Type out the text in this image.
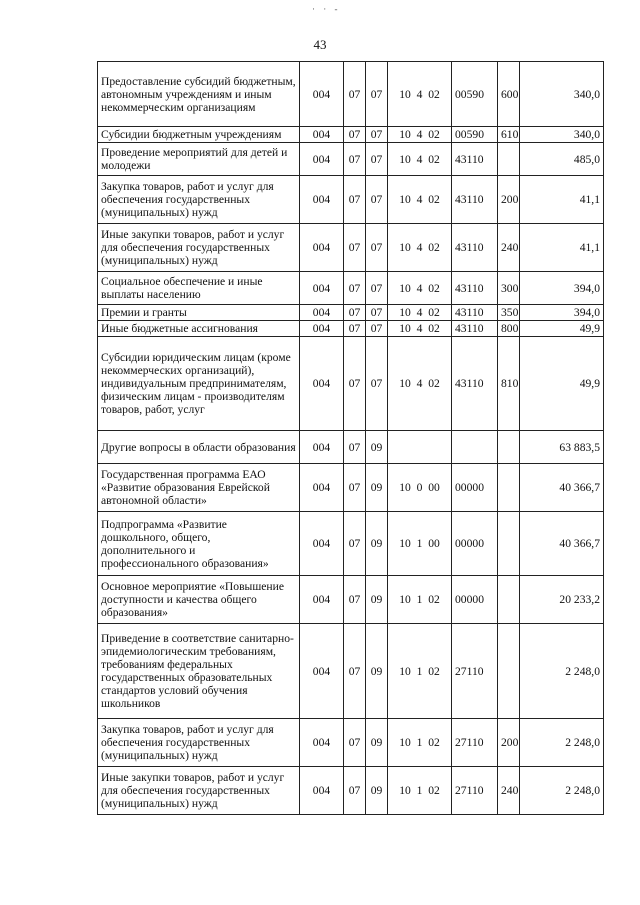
· · -
43
Предоставление субсидий бюджетным, автономным учреждениям и иным некоммерческим организациям	004	07	07	10  4  02	00590	600	340,0
Субсидии бюджетным учреждениям	004	07	07	10  4  02	00590	610	340,0
Проведение мероприятий для детей и молодежи	004	07	07	10  4  02	43110		485,0
Закупка товаров, работ и услуг для обеспечения государственных (муниципальных) нужд	004	07	07	10  4  02	43110	200	41,1
Иные закупки товаров, работ и услуг для обеспечения государственных (муниципальных) нужд	004	07	07	10  4  02	43110	240	41,1
Социальное обеспечение и иные выплаты населению	004	07	07	10  4  02	43110	300	394,0
Премии и гранты	004	07	07	10  4  02	43110	350	394,0
Иные бюджетные ассигнования	004	07	07	10  4  02	43110	800	49,9
Субсидии юридическим лицам (кроме некоммерческих организаций), индивидуальным предпринимателям, физическим лицам - производителям товаров, работ, услуг	004	07	07	10  4  02	43110	810	49,9
Другие вопросы в области образования	004	07	09				63 883,5
Государственная программа ЕАО «Развитие образования Еврейской автономной области»	004	07	09	10  0  00	00000		40 366,7
Подпрограмма «Развитие дошкольного, общего, дополнительного и профессионального образования»	004	07	09	10  1  00	00000		40 366,7
Основное мероприятие «Повышение доступности и качества общего образования»	004	07	09	10  1  02	00000		20 233,2
Приведение в соответствие санитарно-эпидемиологическим требованиям, требованиям федеральных государственных образовательных стандартов условий обучения школьников	004	07	09	10  1  02	27110		2 248,0
Закупка товаров, работ и услуг для обеспечения государственных (муниципальных) нужд	004	07	09	10  1  02	27110	200	2 248,0
Иные закупки товаров, работ и услуг для обеспечения государственных (муниципальных) нужд	004	07	09	10  1  02	27110	240	2 248,0
